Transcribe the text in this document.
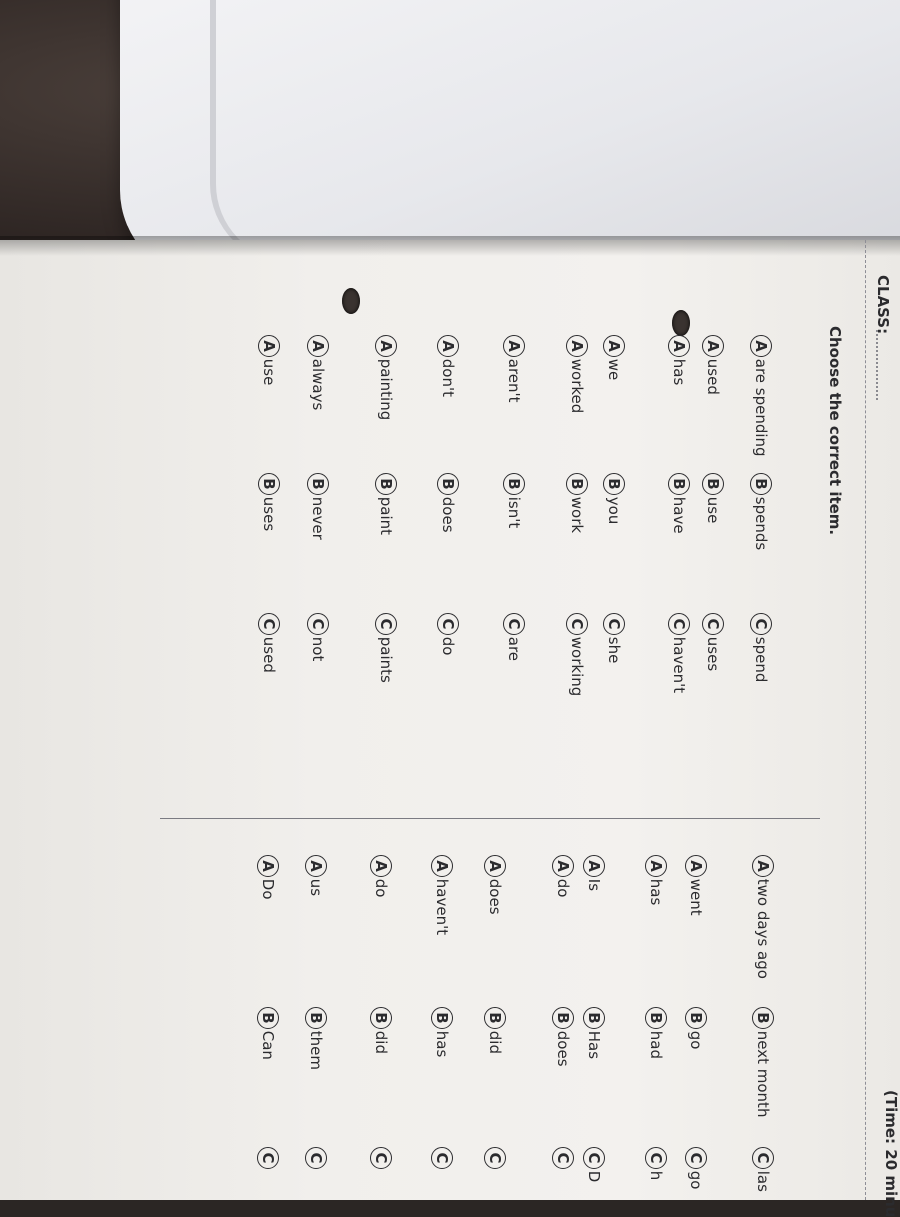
CLASS:
(Time: 20 minu
Choose the correct item.
A are spending
B spends
C spend
A used
B use
C uses
A has
B have
C haven't
A we
B you
C she
A worked
B work
C working
A aren't
B isn't
C are
A don't
B does
C do
A painting
B paint
C paints
A always
B never
C not
A use
B uses
C used
A two days ago
B next month
C las
A went
B go
C go
A has
B had
C h
A Is
B Has
C D
A do
B does
C
A does
B did
C
A haven't
B has
C
A do
B did
C
A us
B them
C
A Do
B Can
C
